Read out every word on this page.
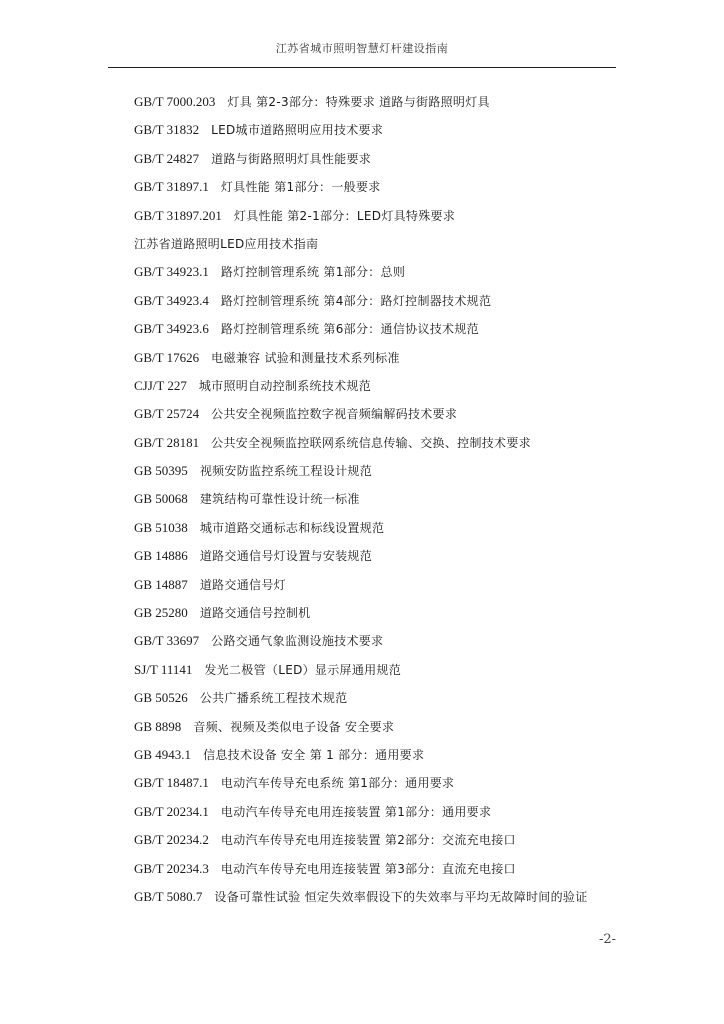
江苏省城市照明智慧灯杆建设指南
GB/T 7000.203 灯具 第2-3部分：特殊要求 道路与街路照明灯具
GB/T 31832 LED城市道路照明应用技术要求
GB/T 24827 道路与街路照明灯具性能要求
GB/T 31897.1 灯具性能 第1部分：一般要求
GB/T 31897.201 灯具性能 第2-1部分：LED灯具特殊要求
江苏省道路照明LED应用技术指南
GB/T 34923.1 路灯控制管理系统 第1部分：总则
GB/T 34923.4 路灯控制管理系统 第4部分：路灯控制器技术规范
GB/T 34923.6 路灯控制管理系统 第6部分：通信协议技术规范
GB/T 17626 电磁兼容 试验和测量技术系列标准
CJJ/T 227 城市照明自动控制系统技术规范
GB/T 25724 公共安全视频监控数字视音频编解码技术要求
GB/T 28181 公共安全视频监控联网系统信息传输、交换、控制技术要求
GB 50395 视频安防监控系统工程设计规范
GB 50068 建筑结构可靠性设计统一标准
GB 51038 城市道路交通标志和标线设置规范
GB 14886 道路交通信号灯设置与安装规范
GB 14887 道路交通信号灯
GB 25280 道路交通信号控制机
GB/T 33697 公路交通气象监测设施技术要求
SJ/T 11141 发光二极管（LED）显示屏通用规范
GB 50526 公共广播系统工程技术规范
GB 8898 音频、视频及类似电子设备 安全要求
GB 4943.1 信息技术设备 安全 第 1 部分：通用要求
GB/T 18487.1 电动汽车传导充电系统 第1部分：通用要求
GB/T 20234.1 电动汽车传导充电用连接装置 第1部分：通用要求
GB/T 20234.2 电动汽车传导充电用连接装置 第2部分：交流充电接口
GB/T 20234.3 电动汽车传导充电用连接装置 第3部分：直流充电接口
GB/T 5080.7 设备可靠性试验 恒定失效率假设下的失效率与平均无故障时间的验证
-2-
